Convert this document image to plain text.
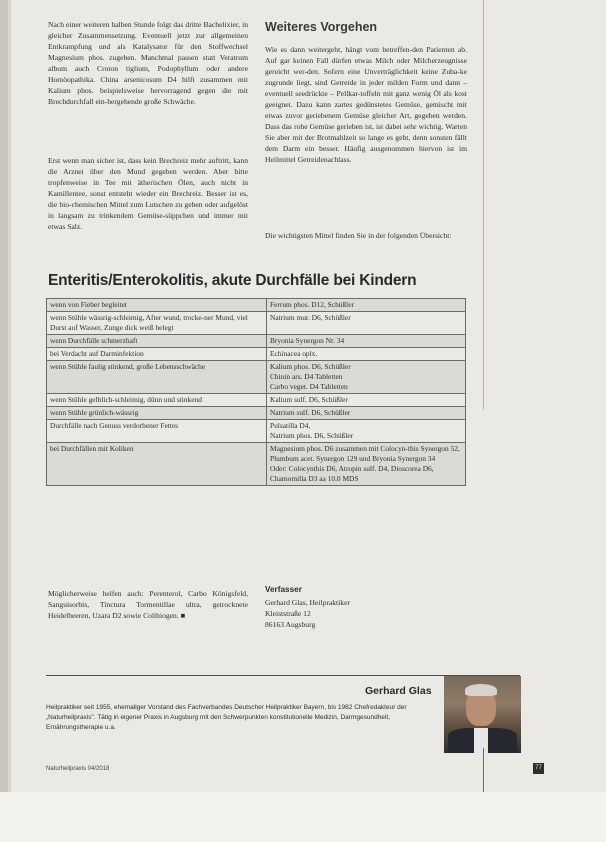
Nach einer weiteren halben Stunde folgt das dritte Bachelixier, in gleicher Zusammensetzung. Eventuell jetzt zur allgemeinen Entkrampfung und als Katalysator für den Stoffwechsel Magnesium phos. zugeben. Manchmal passen statt Veratrum album auch Croton tiglium, Podophyllum oder andere Homöopathika. China arsenicosum D4 hilft zusammen mit Kalium phos. beispielsweise hervorragend gegen die mit Brechdurchfall ein-hergehende große Schwäche.

Erst wenn man sicher ist, dass kein Brechreiz mehr auftritt, kann die Arznei über den Mund gegeben werden. Aber bitte tropfenweise in Tee mit ätherischen Ölen, auch nicht in Kamillentee, sonst entsteht wieder ein Brechreiz. Besser ist es, die bio-chemischen Mittel zum Lutschen zu geben oder aufgelöst in langsam zu trinkendem Gemüse-süppchen und immer mit etwas Salz.

Weiteres Vorgehen

Wie es dann weitergeht, hängt vom betreffen-den Patienten ab. Auf gar keinen Fall dürfen etwas Milch oder Milcherzeugnisse gereicht wer-den. Sofern eine Unverträglichkeit keine Zuba-ke zugrunde liegt, sind Getreide in jeder milden Form und dann – eventuell seedrückte – Pellkar-toffeln mit ganz wenig Öl als kost geeignet. Dazu kann zartes gedünstetes Gemüse, gemischt mit etwas zuvor geriebenem Gemüse gleicher Art, gegeben werden. Dass das rohe Gemüse gerieben ist, ist dabei sehr wichtig. Warten Sie aber mit der Brotmahlzeit so lange es geht, denn sonsten fällt dem Darm ein besser. Häufig ausgenommen hiervon ist im Heilmittel Getreidenachlass.

Die wichtigsten Mittel finden Sie in der folgenden Übersicht:

Enteritis/Enterokolitis, akute Durchfälle bei Kindern
wenn von Fieber begleitet	Ferrum phos. D12, Schüßler
wenn Stühle wässrig-schleimig, After wund, trocke-ner Mund, viel Durst auf Wasser, Zunge dick weiß belegt	Natrium mur. D6, Schüßler
wenn Durchfälle schmerzhaft	Bryonia Synergon Nr. 34
bei Verdacht auf Darminfektion	Echinacea oplx.
wenn Stühle faulig stinkend, große Lebensschwäche	Kalium phos. D6, Schüßler
Chinin ars. D4 Tabletten
Carbo veget. D4 Tabletten
wenn Stühle gelblich-schleimig, dünn und stinkend	Kalium sulf. D6, Schüßler
wenn Stühle grünlich-wässrig	Natrium sulf. D6, Schüßler
Durchfälle nach Genuss verdorbener Fettes	Pulsatilla D4,
Natrium phos. D6, Schüßler
bei Durchfällen mit Koliken	Magnesium phos. D6 zusammen mit Colocyn-this Synergon 52, Plumbum acet. Synergon 129 und Bryonia Synergon 34
Oder: Colocynthis D6, Atropin sulf. D4, Dioscorea D6, Chamomilla D3 aa 10.0 MDS

Möglicherweise helfen auch: Perenterol, Carbo Königsfeld, Sanguisorbis, Tinctura Tormentillae ultra, getrocknete Heidelbeeren, Uzara D2 sowie Colibiogen. ■

Verfasser
Gerhard Glas, Heilpraktiker
Kleiststraße 12
86163 Augsburg
Gerhard Glas
Heilpraktiker seit 1955, ehemaliger Vorstand des Fachverbandes Deutscher Heilpraktiker Bayern, bis 1982 Chefredakteur der „Naturheilpraxis". Tätig in eigener Praxis in Augsburg mit den Schwerpunkten konstitutionelle Medizin, Darmgesundheit, Ernährungstherapie u.a.
Naturheilpraxis 04/2018	77
